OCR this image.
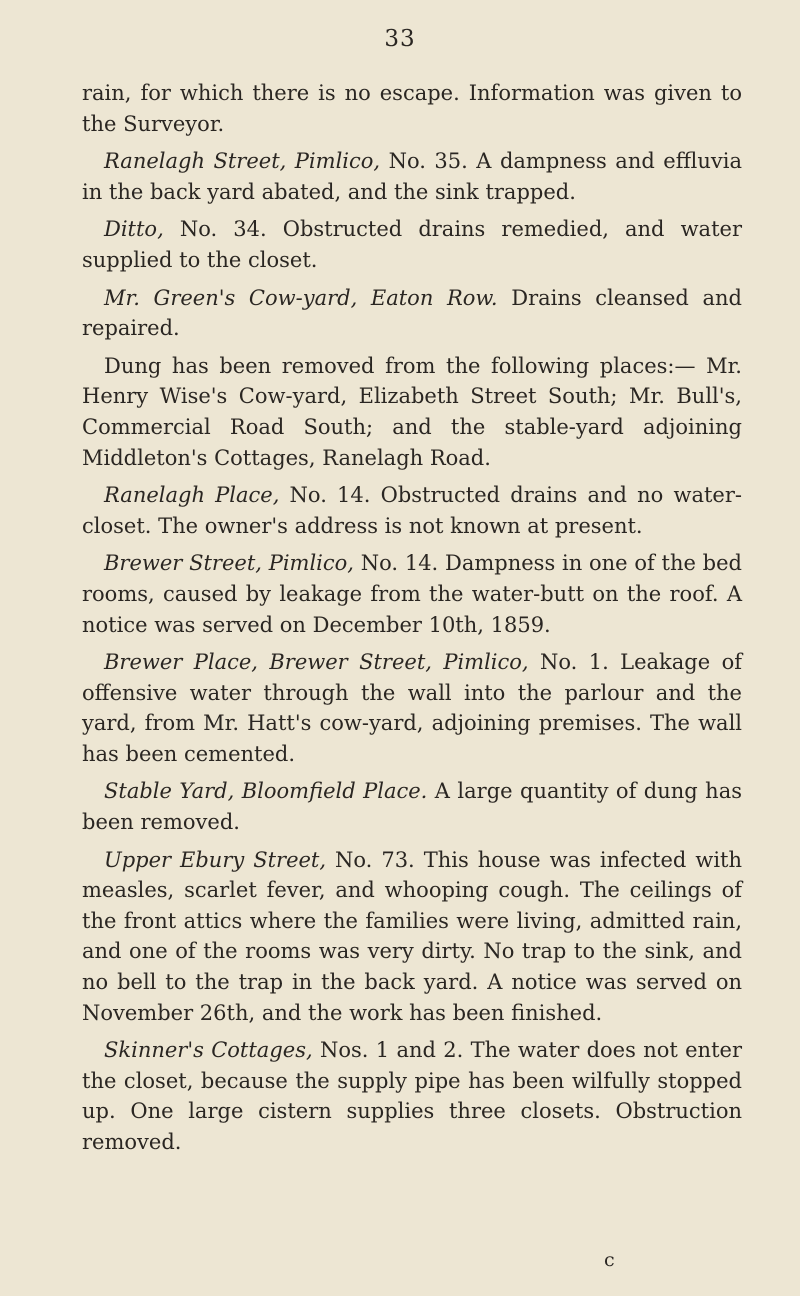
33

rain, for which there is no escape. Information was given to the Surveyor.

Ranelagh Street, Pimlico, No. 35. A dampness and effluvia in the back yard abated, and the sink trapped.

Ditto, No. 34. Obstructed drains remedied, and water supplied to the closet.

Mr. Green's Cow-yard, Eaton Row. Drains cleansed and repaired.

Dung has been removed from the following places:— Mr. Henry Wise's Cow-yard, Elizabeth Street South; Mr. Bull's, Commercial Road South; and the stable-yard adjoining Middleton's Cottages, Ranelagh Road.

Ranelagh Place, No. 14. Obstructed drains and no water-closet. The owner's address is not known at present.

Brewer Street, Pimlico, No. 14. Dampness in one of the bed rooms, caused by leakage from the water-butt on the roof. A notice was served on December 10th, 1859.

Brewer Place, Brewer Street, Pimlico, No. 1. Leakage of offensive water through the wall into the parlour and the yard, from Mr. Hatt's cow-yard, adjoining premises. The wall has been cemented.

Stable Yard, Bloomfield Place. A large quantity of dung has been removed.

Upper Ebury Street, No. 73. This house was infected with measles, scarlet fever, and whooping cough. The ceilings of the front attics where the families were living, admitted rain, and one of the rooms was very dirty. No trap to the sink, and no bell to the trap in the back yard. A notice was served on November 26th, and the work has been finished.

Skinner's Cottages, Nos. 1 and 2. The water does not enter the closet, because the supply pipe has been wilfully stopped up. One large cistern supplies three closets. Obstruction removed.

c
